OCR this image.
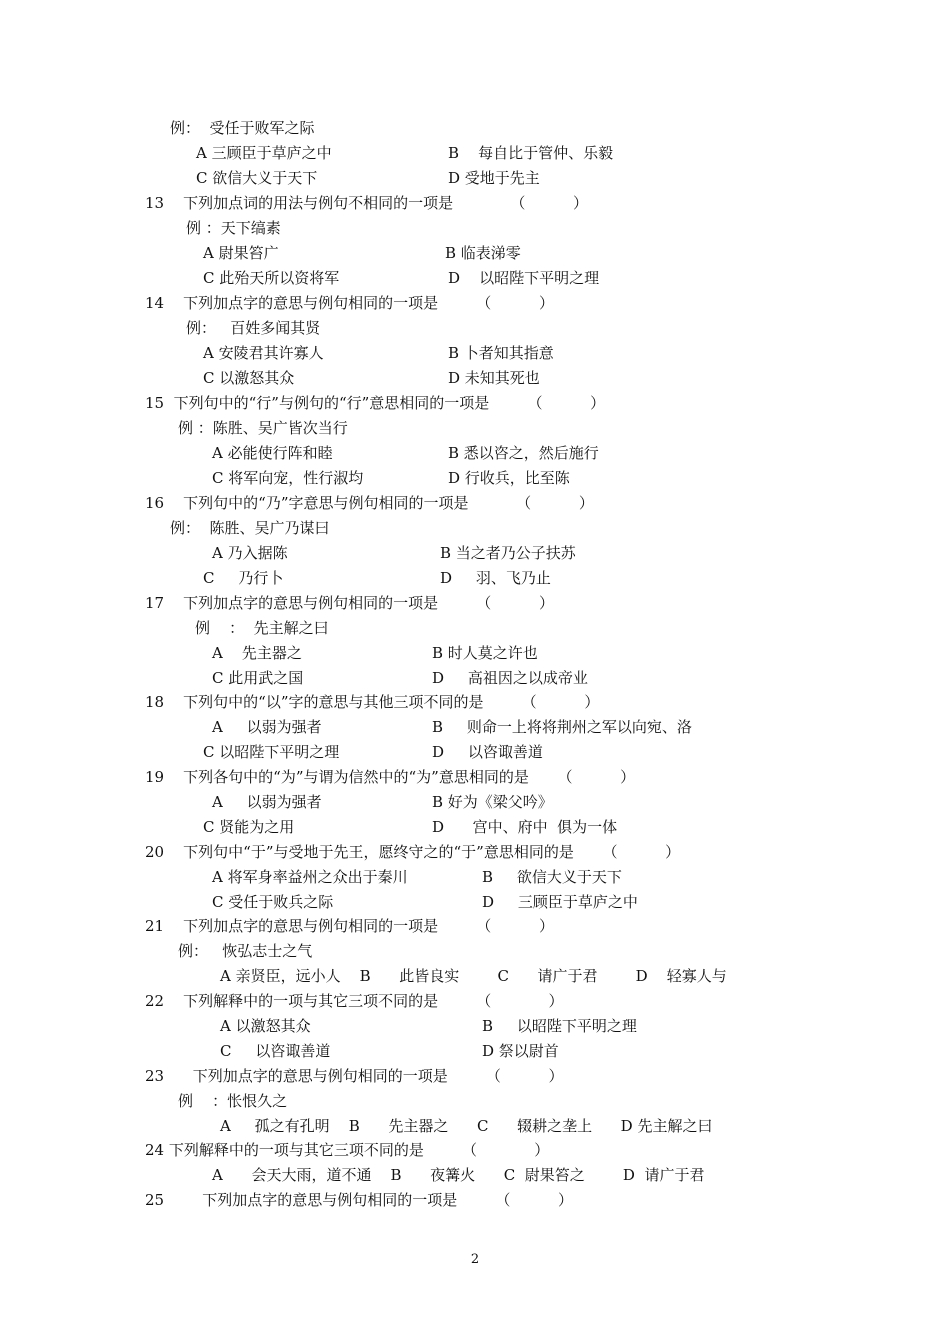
例：  受任于败军之际
A 三顾臣于草庐之中	B    每自比于管仲、乐毅
C 欲信大义于天下	D 受地于先主
13    下列加点词的用法与例句不相同的一项是            （          ）
例 ：天下缟素
A 尉果笞广	B 临表涕零
C 此殆天所以资将军	D    以昭陛下平明之理
14    下列加点字的意思与例句相同的一项是        （          ）
例：   百姓多闻其贤
A 安陵君其许寡人	B 卜者知其指意
C 以激怒其众	D 未知其死也
15  下列句中的“行”与例句的“行”意思相同的一项是        （          ）
例 ：陈胜、吴广皆次当行
A 必能使行阵和睦	B 悉以咨之，然后施行
C 将军向宠，性行淑均	D 行收兵，比至陈
16    下列句中的“乃”字意思与例句相同的一项是          （          ）
例：  陈胜、吴广乃谋曰
A 乃入据陈	B 当之者乃公子扶苏
C     乃行卜	D     羽、飞乃止
17    下列加点字的意思与例句相同的一项是        （          ）
例    ：  先主解之曰
A    先主器之	B 时人莫之许也
C 此用武之国	D     高祖因之以成帝业
18    下列句中的“以”字的意思与其他三项不同的是        （          ）
A     以弱为强者	B     则命一上将将荆州之军以向宛、洛
C 以昭陛下平明之理	D     以咨诹善道
19    下列各句中的“为”与谓为信然中的“为”意思相同的是      （          ）
A     以弱为强者	B 好为《梁父吟》
C 贤能为之用	D      宫中、府中  俱为一体
20    下列句中“于”与受地于先王，愿终守之的“于”意思相同的是      （          ）
A 将军身率益州之众出于秦川	B     欲信大义于天下
C 受任于败兵之际	D     三顾臣于草庐之中
21    下列加点字的意思与例句相同的一项是        （          ）
例：   恢弘志士之气
A 亲贤臣，远小人    B      此皆良实        C      请广于君        D    轻寡人与
22    下列解释中的一项与其它三项不同的是        （            ）
A 以激怒其众	B     以昭陛下平明之理
C     以咨诹善道	D 祭以尉首
23      下列加点字的意思与例句相同的一项是        （          ）
例    ：怅恨久之
A     孤之有孔明    B      先主器之      C      辍耕之垄上      D 先主解之曰
24 下列解释中的一项与其它三项不同的是        （            ）
A      会天大雨，道不通    B      夜篝火      C  尉果笞之        D  请广于君
25        下列加点字的意思与例句相同的一项是        （          ）
2
